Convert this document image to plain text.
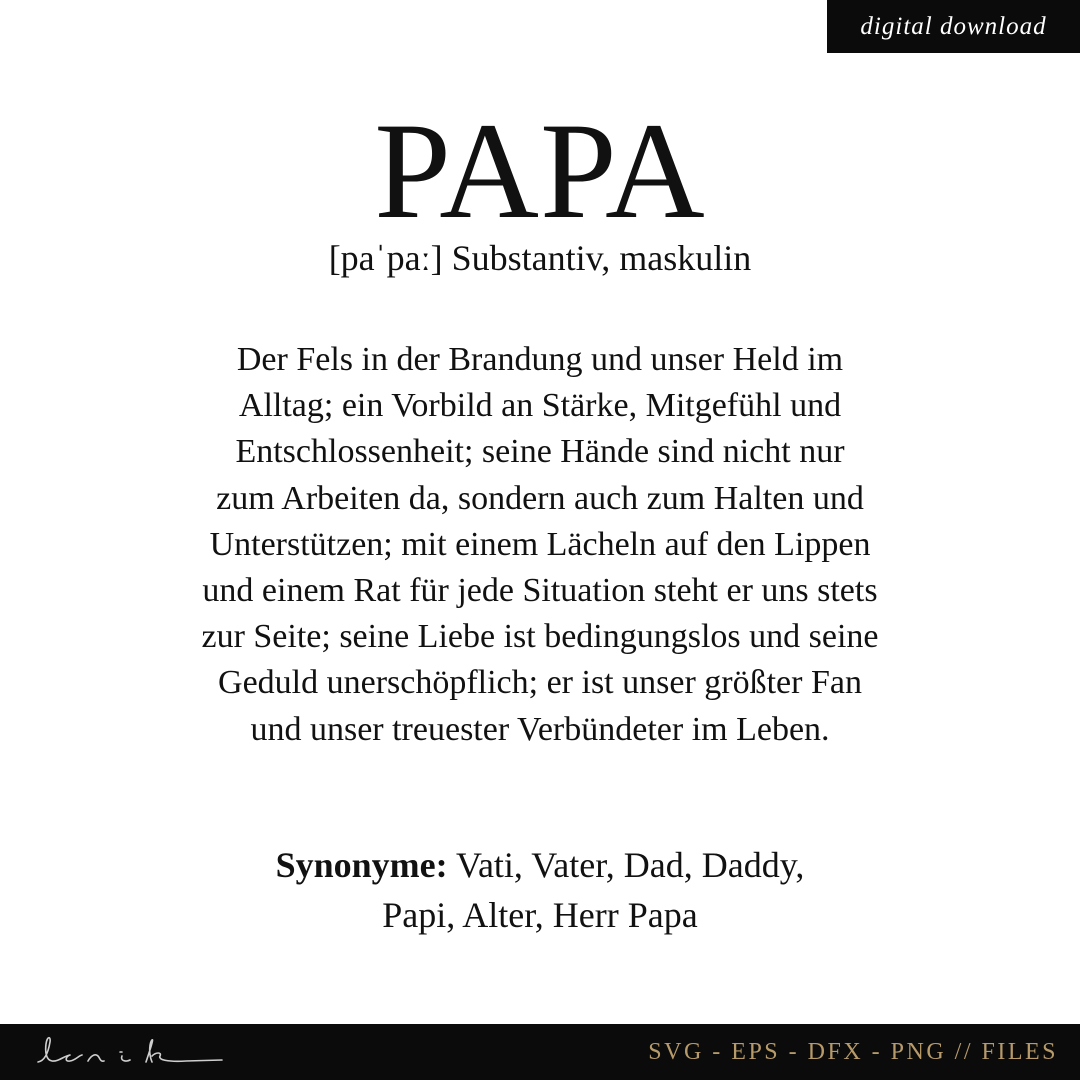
digital download
PAPA
[paˈpaː] Substantiv, maskulin
Der Fels in der Brandung und unser Held im
Alltag; ein Vorbild an Stärke, Mitgefühl und
Entschlossenheit; seine Hände sind nicht nur
zum Arbeiten da, sondern auch zum Halten und
Unterstützen; mit einem Lächeln auf den Lippen
und einem Rat für jede Situation steht er uns stets
zur Seite; seine Liebe ist bedingungslos und seine
Geduld unerschöpflich; er ist unser größter Fan
und unser treuester Verbündeter im Leben.
Synonyme: Vati, Vater, Dad, Daddy,
Papi, Alter, Herr Papa
SVG - EPS - DFX - PNG // FILES
